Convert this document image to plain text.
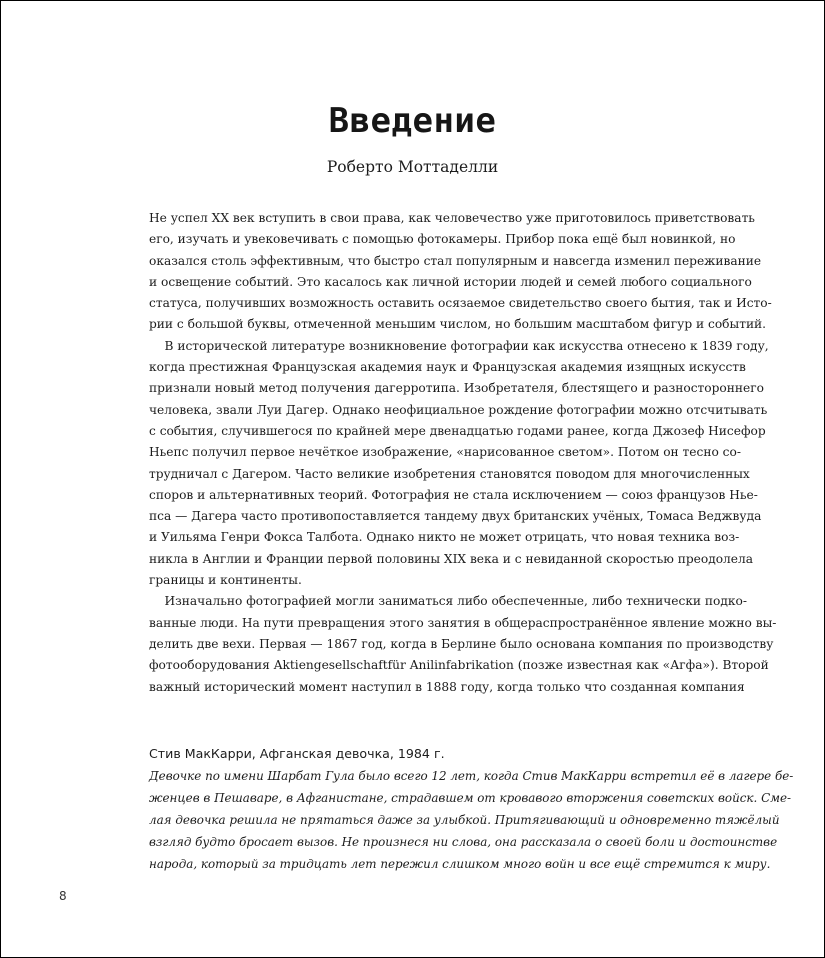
Введение
Роберто Моттаделли
Не успел XX век вступить в свои права, как человечество уже приготовилось приветствовать
его, изучать и увековечивать с помощью фотокамеры. Прибор пока ещё был новинкой, но
оказался столь эффективным, что быстро стал популярным и навсегда изменил переживание
и освещение событий. Это касалось как личной истории людей и семей любого социального
статуса, получивших возможность оставить осязаемое свидетельство своего бытия, так и Исто-
рии с большой буквы, отмеченной меньшим числом, но большим масштабом фигур и событий.
В исторической литературе возникновение фотографии как искусства отнесено к 1839 году,
когда престижная Французская академия наук и Французская академия изящных искусств
признали новый метод получения дагерротипа. Изобретателя, блестящего и разностороннего
человека, звали Луи Дагер. Однако неофициальное рождение фотографии можно отсчитывать
с события, случившегося по крайней мере двенадцатью годами ранее, когда Джозеф Нисефор
Ньепс получил первое нечёткое изображение, «нарисованное светом». Потом он тесно со-
трудничал с Дагером. Часто великие изобретения становятся поводом для многочисленных
споров и альтернативных теорий. Фотография не стала исключением — союз французов Нье-
пса — Дагера часто противопоставляется тандему двух британских учёных, Томаса Веджвуда
и Уильяма Генри Фокса Талбота. Однако никто не может отрицать, что новая техника воз-
никла в Англии и Франции первой половины XIX века и с невиданной скоростью преодолела
границы и континенты.
Изначально фотографией могли заниматься либо обеспеченные, либо технически подко-
ванные люди. На пути превращения этого занятия в общераспространённое явление можно вы-
делить две вехи. Первая — 1867 год, когда в Берлине было основана компания по производству
фотооборудования Aktiengesellschaftfür Anilinfabrikation (позже известная как «Агфа»). Второй
важный исторический момент наступил в 1888 году, когда только что созданная компания
Стив МакКарри, Афганская девочка, 1984 г.
Девочке по имени Шарбат Гула было всего 12 лет, когда Стив МакКарри встретил её в лагере бе-
женцев в Пешаваре, в Афганистане, страдавшем от кровавого вторжения советских войск. Сме-
лая девочка решила не прятаться даже за улыбкой. Притягивающий и одновременно тяжёлый
взгляд будто бросает вызов. Не произнеся ни слова, она рассказала о своей боли и достоинстве
народа, который за тридцать лет пережил слишком много войн и все ещё стремится к миру.
8
